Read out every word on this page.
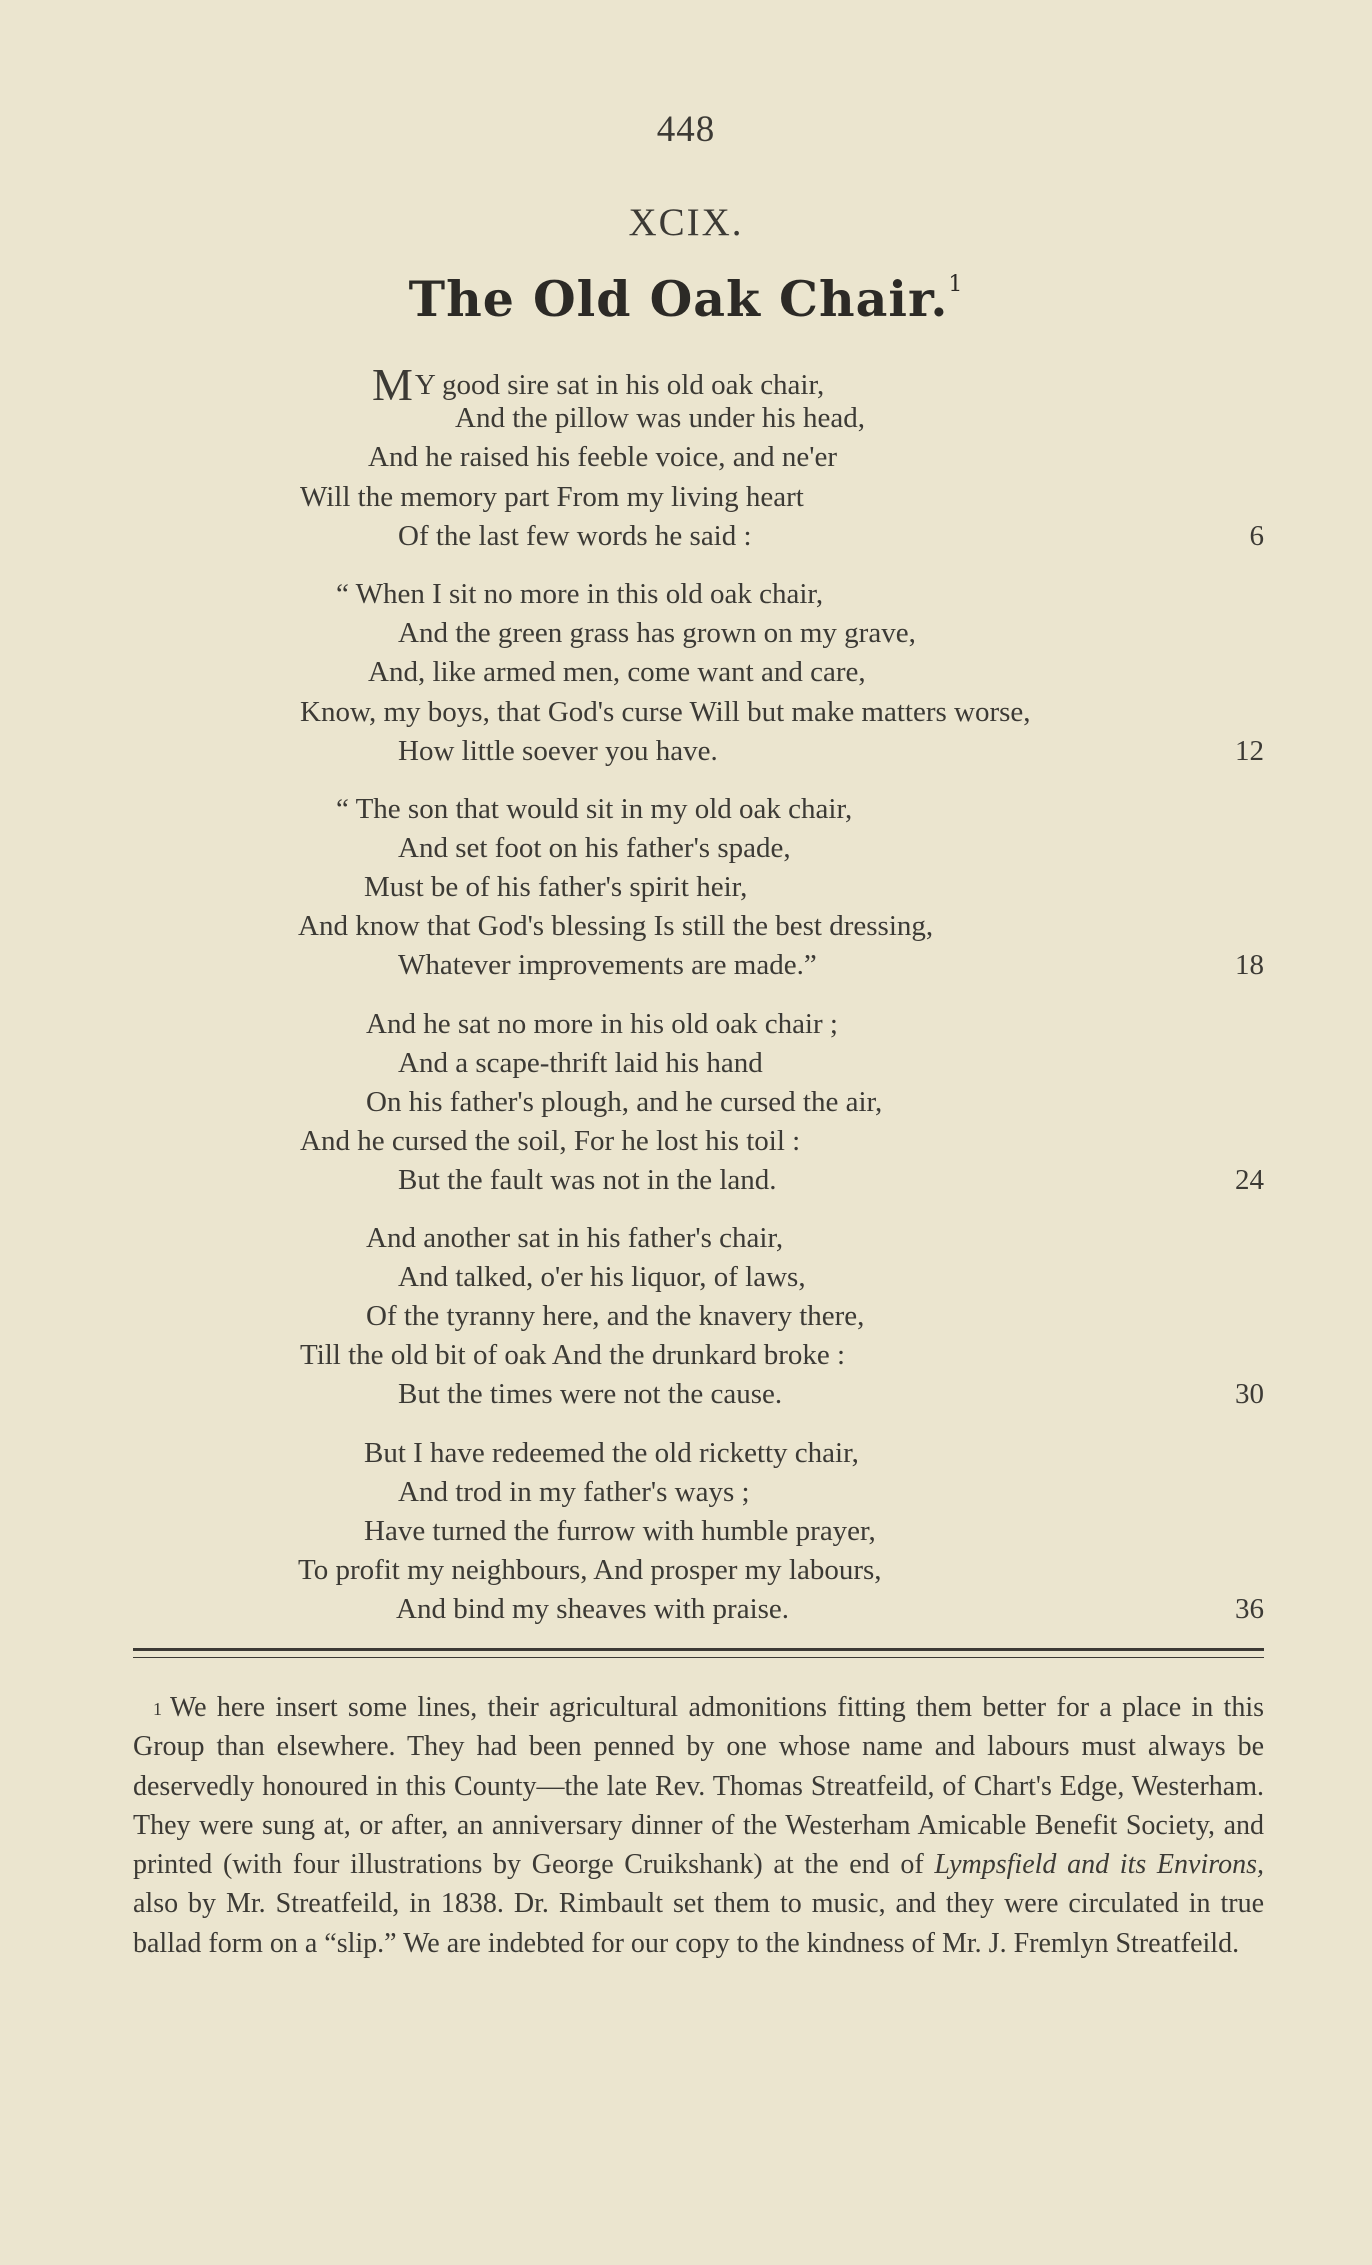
448
XCIX.
The Old Oak Chair.$^1$
MY good sire sat in his old oak chair,
And the pillow was under his head,
And he raised his feeble voice, and ne'er
Will the memory part From my living heart
Of the last few words he said :	6
“ When I sit no more in this old oak chair,
And the green grass has grown on my grave,
And, like armed men, come want and care,
Know, my boys, that God's curse Will but make matters worse,
How little soever you have.	12
“ The son that would sit in my old oak chair,
And set foot on his father's spade,
Must be of his father's spirit heir,
And know that God's blessing Is still the best dressing,
Whatever improvements are made.”	18
And he sat no more in his old oak chair ;
And a scape-thrift laid his hand
On his father's plough, and he cursed the air,
And he cursed the soil, For he lost his toil :
But the fault was not in the land.	24
And another sat in his father's chair,
And talked, o'er his liquor, of laws,
Of the tyranny here, and the knavery there,
Till the old bit of oak And the drunkard broke :
But the times were not the cause.	30
But I have redeemed the old ricketty chair,
And trod in my father's ways ;
Have turned the furrow with humble prayer,
To profit my neighbours, And prosper my labours,
And bind my sheaves with praise.	36
$^1$ We here insert some lines, their agricultural admonitions fitting them better for a place in this Group than elsewhere. They had been penned by one whose name and labours must always be deservedly honoured in this County—the late Rev. Thomas Streatfeild, of Chart's Edge, Westerham. They were sung at, or after, an anniversary dinner of the Westerham Amicable Benefit Society, and printed (with four illustrations by George Cruikshank) at the end of Lympsfield and its Environs, also by Mr. Streatfeild, in 1838. Dr. Rimbault set them to music, and they were circulated in true ballad form on a “slip.” We are indebted for our copy to the kindness of Mr. J. Fremlyn Streatfeild.
